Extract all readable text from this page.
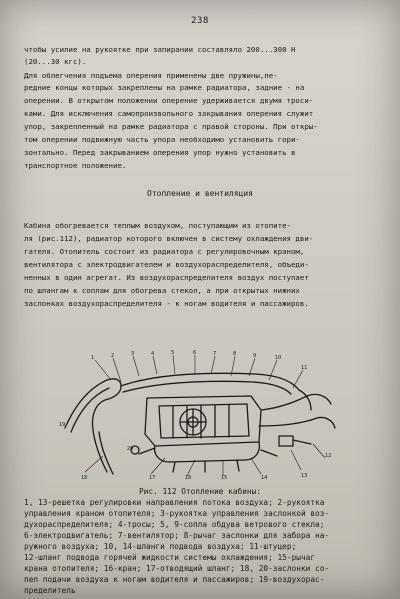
238
чтобы усилие на рукоятке при запирании составляло 200...300 Н
(20...30 кгс).
Для облегчения подъема оперения применены две пружины,пе-
редние концы которых закреплены на рамке радиатора, задние - на
оперении. В открытом положении оперение удерживается двумя троси-
ками. Для исключения самопроизвольного закрывания оперения служит
упор, закрепленный на рамке радиатора с правой стороны. При откры-
том оперении подвижную часть упора необходимо установить гори-
зонтально. Перед закрыванием оперения упор нужно установить в
транспортное положение.
Отопление и вентиляция
Кабина обогревается теплым воздухом, поступающим из отопите-
ля (рис.112), радиатор которого включен в систему охлаждения дви-
гателя. Отопитель состоит из радиатора с регулировочным краном,
вентилятора с электродвигателем и воздухораспределителя, объеди-
ненных в один агрегат. Из воздухораспределителя воздух поступает
по шлангам к соплам для обогрева стекол, а при открытых нижних
заслонках воздухораспределителя - к ногам водителя и пассажиров.
1	2	3	4	5	6	7	8	9	10
11
12
13
14
15
16
17
18
19
20
Рис. 112 Отопление кабины:
1, 13-решетка регулировки направления потока воздуха; 2-рукоятка
управления краном отопителя; 3-рукоятка управления заслонкой воз-
духораспределителя; 4-тросы; 5, 9-сопла обдува ветрового стекла;
6-электродвигатель; 7-вентилятор; 8-рычаг заслонки для забора на-
ружного воздуха; 10, 14-шланги подвода воздуха; 11-штуцер;
12-шланг подвода горячей жидкости системы охлаждения; 15-рычаг
крана отопителя; 16-кран; 17-отводящий шланг; 18, 20-заслонки со-
пел подачи воздуха к ногам водителя и пассажиров; 19-воздухорас-
пределитель
